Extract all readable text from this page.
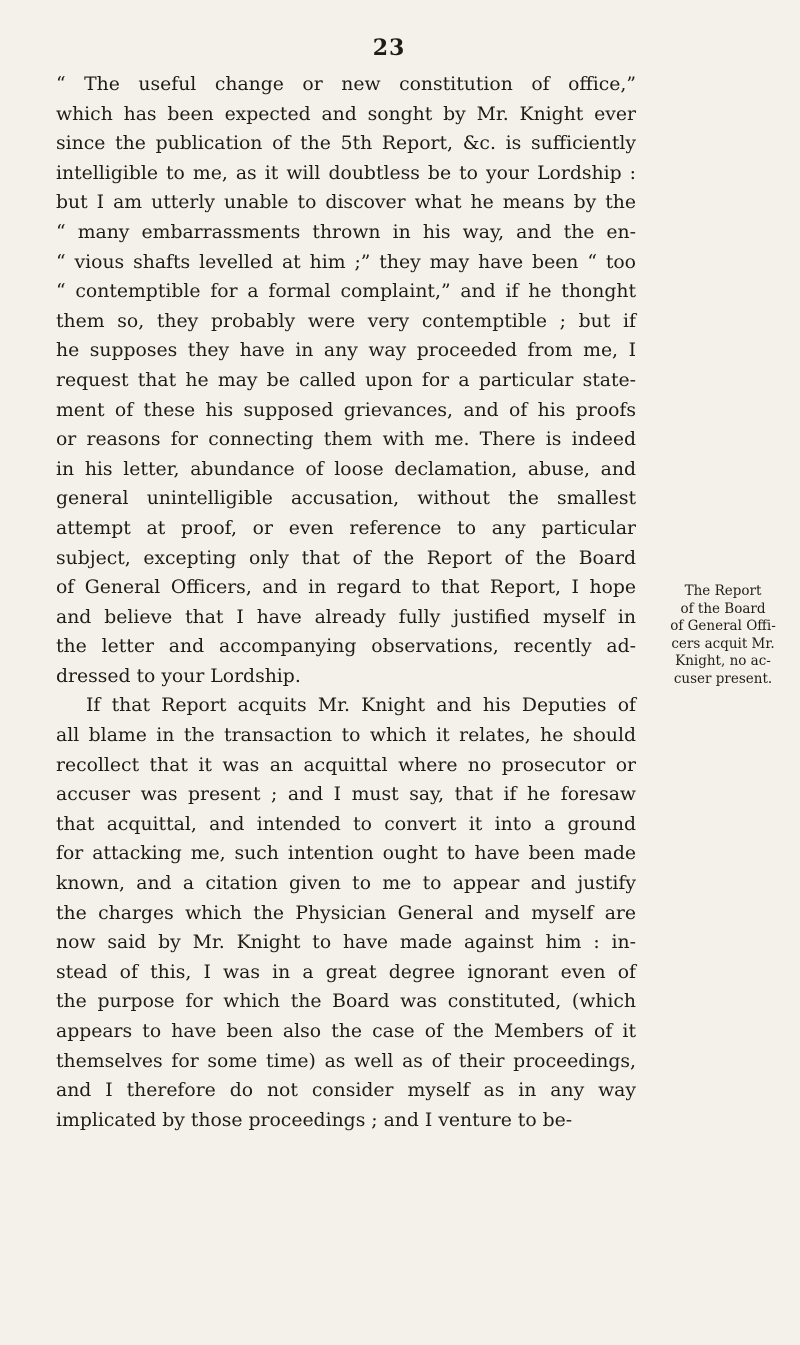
23
“ The useful change or new constitution of office,”
which has been expected and songht by Mr. Knight ever
since the publication of the 5th Report, &c. is sufficiently
intelligible to me, as it will doubtless be to your Lordship :
but I am utterly unable to discover what he means by the
“ many embarrassments thrown in his way, and the en-
“ vious shafts levelled at him ;” they may have been “ too
“ contemptible for a formal complaint,” and if he thonght
them so, they probably were very contemptible ; but if
he supposes they have in any way proceeded from me, I
request that he may be called upon for a particular state-
ment of these his supposed grievances, and of his proofs
or reasons for connecting them with me. There is indeed
in his letter, abundance of loose declamation, abuse, and
general unintelligible accusation, without the smallest
attempt at proof, or even reference to any particular
subject, excepting only that of the Report of the Board
of General Officers, and in regard to that Report, I hope
and believe that I have already fully justified myself in
the letter and accompanying observations, recently ad-
dressed to your Lordship.
If that Report acquits Mr. Knight and his Deputies of
all blame in the transaction to which it relates, he should
recollect that it was an acquittal where no prosecutor or
accuser was present ; and I must say, that if he foresaw
that acquittal, and intended to convert it into a ground
for attacking me, such intention ought to have been made
known, and a citation given to me to appear and justify
the charges which the Physician General and myself are
now said by Mr. Knight to have made against him : in-
stead of this, I was in a great degree ignorant even of
the purpose for which the Board was constituted, (which
appears to have been also the case of the Members of it
themselves for some time) as well as of their proceedings,
and I therefore do not consider myself as in any way
implicated by those proceedings ; and I venture to be-
The Report
of the Board
of General Offi-
cers acquit Mr.
Knight, no ac-
cuser present.
